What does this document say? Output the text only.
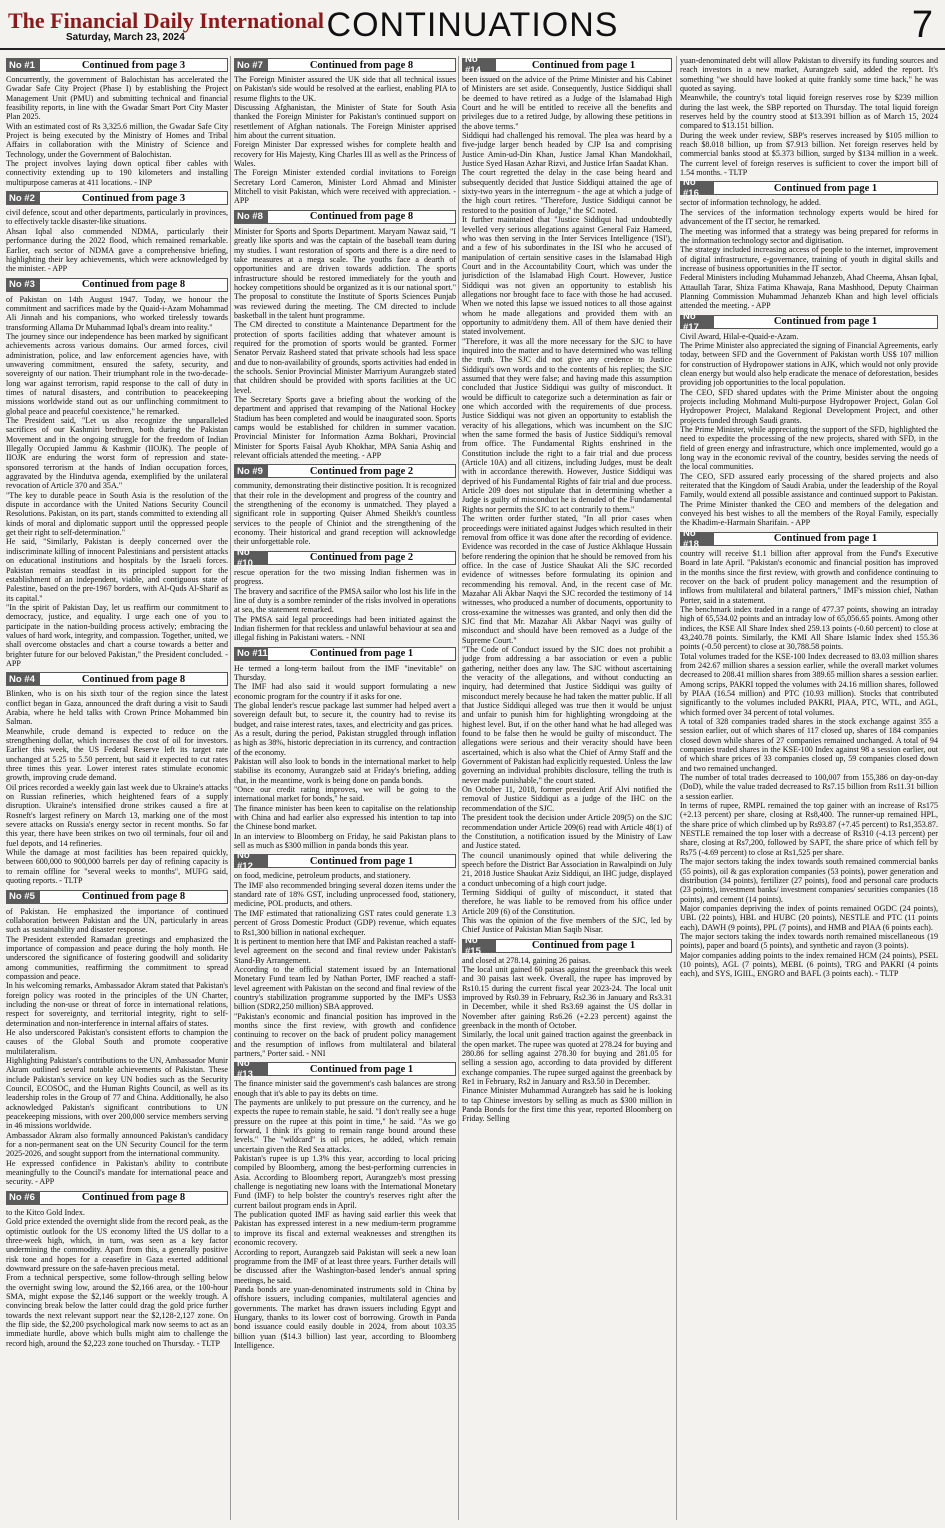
The Financial Daily International
Saturday, March 23, 2024	CONTINUATIONS	7
No #1	Continued from page 3
Concurrently, the government of Balochistan has accelerated the Gwadar Safe City Project (Phase I) by establishing the Project Management Unit (PMU) and submitting technical and financial feasibility reports, in line with the Gwadar Smart Port City Master Plan 2025.
With an estimated cost of Rs 3,325.6 million, the Gwadar Safe City Project is being executed by the Ministry of Homes and Tribal Affairs in collaboration with the Ministry of Science and Technology, under the Government of Balochistan.
The project involves laying down optical fiber cables with connectivity extending up to 190 kilometers and installing multipurpose cameras at 411 locations. - INP
No #2	Continued from page 3
civil defence, scout and other departments, particularly in provinces, to effectively tackle disaster-like situations.
Ahsan Iqbal also commended NDMA, particularly their performance during the 2022 flood, which remained remarkable. Earlier, each sector of NDMA gave a comprehensive briefing, highlighting their key achievements, which were acknowledged by the minister. - APP
No #3	Continued from page 8
of Pakistan on 14th August 1947. Today, we honour the commitment and sacrifices made by the Quaid-i-Azam Mohammad Ali Jinnah and his companions, who worked tirelessly towards transforming Allama Dr Muhammad Iqbal's dream into reality."
The journey since our independence has been marked by significant achievements across various domains. Our armed forces, civil administration, police, and law enforcement agencies have, with unwavering commitment, ensured the safety, security, and sovereignty of our nation. Their triumphant role in the two-decade-long war against terrorism, rapid response to the call of duty in times of natural disasters, and contribution to peacekeeping missions worldwide stand out as our unflinching commitment to global peace and peaceful coexistence," he remarked.
The President said, "Let us also recognize the unparalleled sacrifices of our Kashmiri brethren, both during the Pakistan Movement and in the ongoing struggle for the freedom of Indian Illegally Occupied Jammu & Kashmir (IIOJK). The people of IIOJK are enduring the worst form of repression and state-sponsored terrorism at the hands of Indian occupation forces, aggravated by the Hindutva agenda, exemplified by the unilateral revocation of Article 370 and 35A."
"The key to durable peace in South Asia is the resolution of the dispute in accordance with the United Nations Security Council Resolutions. Pakistan, on its part, stands committed to extending all kinds of moral and diplomatic support until the oppressed people get their right to self-determination."
He said, "Similarly, Pakistan is deeply concerned over the indiscriminate killing of innocent Palestinians and persistent attacks on educational institutions and hospitals by the Israeli forces. Pakistan remains steadfast in its principled support for the establishment of an independent, viable, and contiguous state of Palestine, based on the pre-1967 borders, with Al-Quds Al-Sharif as its capital."
"In the spirit of Pakistan Day, let us reaffirm our commitment to democracy, justice, and equality. I urge each one of you to participate in the nation-building process actively; embracing the values of hard work, integrity, and compassion. Together, united, we shall overcome obstacles and chart a course towards a better and brighter future for our beloved Pakistan," the President concluded. - APP
No #4	Continued from page 8
Blinken, who is on his sixth tour of the region since the latest conflict began in Gaza, announced the draft during a visit to Saudi Arabia, where he held talks with Crown Prince Mohammed bin Salman.
Meanwhile, crude demand is expected to reduce on the strengthening dollar, which increases the cost of oil for investors. Earlier this week, the US Federal Reserve left its target rate unchanged at 5.25 to 5.50 percent, but said it expected to cut rates three times this year. Lower interest rates stimulate economic growth, improving crude demand.
Oil prices recorded a weekly gain last week due to Ukraine's attacks on Russian refineries, which heightened fears of a supply disruption. Ukraine's intensified drone strikes caused a fire at Rosneft's largest refinery on March 13, marking one of the most severe attacks on Russia's energy sector in recent months. So far this year, there have been strikes on two oil terminals, four oil and fuel depots, and 14 refineries.
While the damage at most facilities has been repaired quickly, between 600,000 to 900,000 barrels per day of refining capacity is to remain offline for "several weeks to months", MUFG said, quoting reports. - TLTP
No #5	Continued from page 8
of Pakistan. He emphasized the importance of continued collaboration between Pakistan and the UN, particularly in areas such as sustainability and disaster response.
The President extended Ramadan greetings and emphasized the importance of compassion and peace during the holy month. He underscored the significance of fostering goodwill and solidarity among communities, reaffirming the commitment to spread compassion and peace.
In his welcoming remarks, Ambassador Akram stated that Pakistan's foreign policy was rooted in the principles of the UN Charter, including the non-use or threat of force in international relations, respect for sovereignty, and territorial integrity, right to self-determination and non-interference in internal affairs of states.
He also underscored Pakistan's consistent efforts to champion the causes of the Global South and promote cooperative multilateralism.
Highlighting Pakistan's contributions to the UN, Ambassador Munir Akram outlined several notable achievements of Pakistan. These include Pakistan's service on key UN bodies such as the Security Council, ECOSOC, and the Human Rights Council, as well as its leadership roles in the Group of 77 and China. Additionally, he also acknowledged Pakistan's significant contributions to UN peacekeeping missions, with over 200,000 service members serving in 46 missions worldwide.
Ambassador Akram also formally announced Pakistan's candidacy for a non-permanent seat on the UN Security Council for the term 2025-2026, and sought support from the international community.
He expressed confidence in Pakistan's ability to contribute meaningfully to the Council's mandate for international peace and security. - APP
No #6	Continued from page 8
to the Kitco Gold Index.
Gold price extended the overnight slide from the record peak, as the optimistic outlook for the US economy lifted the US dollar to a three-week high, which, in turn, was seen as a key factor undermining the commodity. Apart from this, a generally positive risk tone and hopes for a ceasefire in Gaza exerted additional downward pressure on the safe-haven precious metal.
From a technical perspective, some follow-through selling below the overnight swing low, around the $2,166 area, or the 100-hour SMA, might expose the $2,146 support or the weekly trough. A convincing break below the latter could drag the gold price further towards the next relevant support near the $2,128-2,127 zone. On the flip side, the $2,200 psychological mark now seems to act as an immediate hurdle, above which bulls might aim to challenge the record high, around the $2,223 zone touched on Thursday. - TLTP
No #7	Continued from page 8
The Foreign Minister assured the UK side that all technical issues on Pakistan's side would be resolved at the earliest, enabling PIA to resume flights to the UK.
Discussing Afghanistan, the Minister of State for South Asia thanked the Foreign Minister for Pakistan's continued support on resettlement of Afghan nationals. The Foreign Minister apprised him about the current situation.
Foreign Minister Dar expressed wishes for complete health and recovery for His Majesty, King Charles III as well as the Princess of Wales.
The Foreign Minister extended cordial invitations to Foreign Secretary Lord Cameron, Minister Lord Ahmad and Minister Mitchell to visit Pakistan, which were received with appreciation. - APP
No #8	Continued from page 8
Minister for Sports and Sports Department. Maryam Nawaz said, "I greatly like sports and was the captain of the baseball team during my studies. I want restoration of sports and there is a dire need to take measures at a mega scale. The youths face a dearth of opportunities and are driven towards addiction. The sports infrastructure should be restored immediately for the youth and hockey competitions should be organized as it is our national sport." The proposal to constitute the Institute of Sports Sciences Punjab was reviewed during the meeting. The CM directed to include basketball in the talent hunt programme.
The CM directed to constitute a Maintenance Department for the protection of sports facilities adding that whatever amount is required for the promotion of sports would be granted. Former Senator Pervaiz Rasheed stated that private schools had less space and due to non-availability of grounds, sports activities had ended in the schools. Senior Provincial Minister Marriyum Aurangzeb stated that children should be provided with sports facilities at the UC level.
The Secretary Sports gave a briefing about the working of the department and apprised that revamping of the National Hockey Stadium has been completed and would be inaugurated soon. Sports camps would be established for children in summer vacation. Provincial Minister for Information Azma Bokhari, Provincial Minister for Sports Faisal Ayub Khokhar, MPA Sania Ashiq and relevant officials attended the meeting. - APP
No #9	Continued from page 2
community, demonstrating their distinctive position. It is recognized that their role in the development and progress of the country and the strengthening of the economy is unmatched. They played a significant role in supporting Quiser Ahmed Sheikh's countless services to the people of Chiniot and the strengthening of the economy. Their historical and grand reception will acknowledge their unforgettable role.
No #10	Continued from page 2
rescue operation for the two missing Indian fishermen was in progress.
The bravery and sacrifice of the PMSA sailor who lost his life in the line of duty is a sombre reminder of the risks involved in operations at sea, the statement remarked.
The PMSA said legal proceedings had been initiated against the Indian fishermen for that reckless and unlawful behaviour at sea and illegal fishing in Pakistani waters. - NNI
No #11	Continued from page 1
He termed a long-term bailout from the IMF "inevitable" on Thursday.
The IMF had also said it would support formulating a new economic program for the country if it asks for one.
The global lender's rescue package last summer had helped avert a sovereign default but, to secure it, the country had to revise its budget, and raise interest rates, taxes, and electricity and gas prices.
As a result, during the period, Pakistan struggled through inflation as high as 38%, historic depreciation in its currency, and contraction of the economy.
Pakistan will also look to bonds in the international market to help stabilise its economy, Aurangzeb said at Friday's briefing, adding that, in the meantime, work is being done on panda bonds.
"Once our credit rating improves, we will be going to the international market for bonds," he said.
The finance minister has been keen to capitalise on the relationship with China and had earlier also expressed his intention to tap into the Chinese bond market.
In an interview to Bloomberg on Friday, he said Pakistan plans to sell as much as $300 million in panda bonds this year.
No #12	Continued from page 1
on food, medicine, petroleum products, and stationery.
The IMF also recommended bringing several dozen items under the standard rate of 18% GST, including unprocessed food, stationery, medicine, POL products, and others.
The IMF estimated that rationalizing GST rates could generate 1.3 percent of Gross Domestic Product (GDP) revenue, which equates to Rs1,300 billion in national exchequer.
It is pertinent to mention here that IMF and Pakistan reached a staff-level agreement on the second and final review under Pakistan's Stand-By Arrangement.
According to the official statement issued by an International Monetary Fund team led by Nathan Porter, IMF reached a staff-level agreement with Pakistan on the second and final review of the country's stabilization programme supported by the IMF's US$3 billion (SDR2,250 million) SBA approved.
"Pakistan's economic and financial position has improved in the months since the first review, with growth and confidence continuing to recover on the back of prudent policy management and the resumption of inflows from multilateral and bilateral partners," Porter said. - NNI
No #13	Continued from page 1
The finance minister said the government's cash balances are strong enough that it's able to pay its debts on time.
The payments are unlikely to put pressure on the currency, and he expects the rupee to remain stable, he said. "I don't really see a huge pressure on the rupee at this point in time," he said. "As we go forward, I think it's going to remain range bound around these levels." The "wildcard" is oil prices, he added, which remain uncertain given the Red Sea attacks.
Pakistan's rupee is up 1.3% this year, according to local pricing compiled by Bloomberg, among the best-performing currencies in Asia. According to Bloomberg report, Aurangzeb's most pressing challenge is negotiating new loans with the International Monetary Fund (IMF) to help bolster the country's reserves right after the current bailout program ends in April.
The publication quoted IMF as having said earlier this week that Pakistan has expressed interest in a new medium-term programme to improve its fiscal and external weaknesses and strengthen its economic recovery.
According to report, Aurangzeb said Pakistan will seek a new loan programme from the IMF of at least three years. Further details will be discussed after the Washington-based lender's annual spring meetings, he said.
Panda bonds are yuan-denominated instruments sold in China by offshore issuers, including companies, multilateral agencies and governments. The market has drawn issuers including Egypt and Hungary, thanks to its lower cost of borrowing. Growth in Panda bond issuance could easily double in 2024, from about 103.35 billion yuan ($14.3 billion) last year, according to Bloomberg Intelligence.
No #14	Continued from page 1
been issued on the advice of the Prime Minister and his Cabinet of Ministers are set aside. Consequently, Justice Siddiqui shall be deemed to have retired as a Judge of the Islamabad High Court and he will be entitled to receive all the benefits and privileges due to a retired Judge, by allowing these petitions in the above terms."
Siddiqui had challenged his removal. The plea was heard by a five-judge larger bench headed by CJP Isa and comprising Justice Amin-ud-Din Khan, Justice Jamal Khan Mandokhail, Justice Syed Hasan Azhar Rizvi, and Justice Irfan Saadat Khan.
The court regretted the delay in the case being heard and subsequently decided that Justice Siddiqui attained the age of sixty-two years in the interregnum - the age at which a judge of the high court retires. "Therefore, Justice Siddiqui cannot be restored to the position of Judge," the SC noted.
It further maintained that "Justice Siddiqui had undoubtedly levelled very serious allegations against General Faiz Hameed, who was then serving in the Inter Services Intelligence ('ISI'), and a few of his subordinates in the ISI who he accused of manipulation of certain sensitive cases in the Islamabad High Court and in the Accountability Court, which was under the jurisdiction of the Islamabad High Court. However, Justice Siddiqui was not given an opportunity to establish his allegations nor brought face to face with those he had accused. When we noted this lapse we issued notices to all those against whom he made allegations and provided them with an opportunity to admit/deny them. All of them have denied their stated involvement.
"Therefore, it was all the more necessary for the SJC to have inquired into the matter and to have determined who was telling the truth. The SJC did not give any credence to Justice Siddiqui's own words and to the contents of his replies; the SJC assumed that they were false; and having made this assumption concluded that Justice Siddiqui was guilty of misconduct. It would be difficult to categorize such a determination as fair or one which accorded with the requirements of due process. Justice Siddiqui was not given an opportunity to establish the veracity of his allegations, which was incumbent on the SJC when the same formed the basis of Justice Siddiqui's removal from office. The Fundamental Rights enshrined in the Constitution include the right to a fair trial and due process (Article 10A) and all citizens, including Judges, must be dealt with in accordance therewith. However, Justice Siddiqui was deprived of his Fundamental Rights of fair trial and due process. Article 209 does not stipulate that in determining whether a Judge is guilty of misconduct he is denuded of the Fundamental Rights nor permits the SJC to act contrarily to them."
The written order further stated, "In all prior cases when proceedings were initiated against Judges which resulted in their removal from office it was done after the recording of evidence. Evidence was recorded in the case of Justice Akhlaque Hussain before rendering the opinion that he should be removed from his office. In the case of Justice Shaukat Ali the SJC recorded evidence of witnesses before formulating its opinion and recommending his removal. And, in the recent case of Mr. Mazahar Ali Akbar Naqvi the SJC recorded the testimony of 14 witnesses, who produced a number of documents, opportunity to cross-examine the witnesses was granted, and only then did the SJC find that Mr. Mazahar Ali Akbar Naqvi was guilty of misconduct and should have been removed as a Judge of the Supreme Court."
"The Code of Conduct issued by the SJC does not prohibit a judge from addressing a bar association or even a public gathering, neither does any law. The SJC without ascertaining the veracity of the allegations, and without conducting an inquiry, had determined that Justice Siddiqui was guilty of misconduct merely because he had taken the matter public. If all that Justice Siddiqui alleged was true then it would be unjust and unfair to punish him for highlighting wrongdoing at the highest level. But, if on the other hand what he had alleged was found to be false then he would be guilty of misconduct. The allegations were serious and their veracity should have been ascertained, which is also what the Chief of Army Staff and the Government of Pakistan had explicitly requested. Unless the law governing an individual prohibits disclosure, telling the truth is never made punishable," the court stated.
On October 11, 2018, former president Arif Alvi notified the removal of Justice Siddiqui as a judge of the IHC on the recommendation of the SJC.
The president took the decision under Article 209(5) on the SJC recommendation under Article 209(6) read with Article 48(1) of the Constitution, a notification issued by the Ministry of Law and Justice stated.
The council unanimously opined that while delivering the speech before the District Bar Association in Rawalpindi on July 21, 2018 Justice Shaukat Aziz Siddiqui, an IHC judge, displayed a conduct unbecoming of a high court judge.
Terming Siddiqui of guilty of misconduct, it stated that therefore, he was liable to be removed from his office under Article 209 (6) of the Constitution.
This was the opinion of the five members of the SJC, led by Chief Justice of Pakistan Mian Saqib Nisar.
No #15	Continued from page 1
and closed at 278.14, gaining 26 paisas.
The local unit gained 60 paisas against the greenback this week and 30 paisas last week. Overall, the rupee has improved by Rs10.15 during the current fiscal year 2023-24. The local unit improved by Rs0.39 in February, Rs2.36 in January and Rs3.31 in December, while it shed Rs3.69 against the US dollar in November after gaining Rs6.26 (+2.23 percent) against the greenback in the month of October.
Similarly, the local unit gained traction against the greenback in the open market. The rupee was quoted at 278.24 for buying and 280.86 for selling against 278.30 for buying and 281.05 for selling a session ago, according to data provided by different exchange companies. The rupee surged against the greenback by Re1 in February, Rs2 in January and Rs3.50 in December.
Finance Minister Muhammad Aurangzeb has said he is looking to tap Chinese investors by selling as much as $300 million in Panda Bonds for the first time this year, reported Bloomberg on Friday. Selling
yuan-denominated debt will allow Pakistan to diversify its funding sources and reach investors in a new market, Aurangzeb said, added the report. It's something "we should have looked at quite frankly some time back," he was quoted as saying.
Meanwhile, the country's total liquid foreign reserves rose by $239 million during the last week, the SBP reported on Thursday. The total liquid foreign reserves held by the country stood at $13.391 billion as of March 15, 2024 compared to $13.151 billion.
During the week under review, SBP's reserves increased by $105 million to reach $8.018 billion, up from $7.913 billion. Net foreign reserves held by commercial banks stood at $5.373 billion, surged by $134 million in a week. The current level of foreign reserves is sufficient to cover the import bill of 1.54 months. - TLTP
No #16	Continued from page 1
sector of information technology, he added.
The services of the information technology experts would be hired for advancement of the IT sector, he remarked.
The meeting was informed that a strategy was being prepared for reforms in the information technology sector and digitisation.
The strategy included increasing access of people to the internet, improvement of digital infrastructure, e-governance, training of youth in digital skills and increase of business opportunities in the IT sector.
Federal Ministers including Muhammad Jehanzeb, Ahad Cheema, Ahsan Iqbal, Attaullah Tarar, Shiza Fatima Khawaja, Rana Mashhood, Deputy Chairman Planning Commission Muhammad Jehanzeb Khan and high level officials attended the meeting. - APP
No #17	Continued from page 1
Civil Award, Hilal-e-Quaid-e-Azam.
The Prime Minister also appreciated the signing of Financial Agreements, early today, between SFD and the Government of Pakistan worth US$ 107 million for construction of Hydropower stations in AJK, which would not only provide clean energy but would also help eradicate the menace of deforestation, besides providing job opportunities to the local population.
The CEO, SFD shared updates with the Prime Minister about the ongoing projects including Mohmand Multi-purpose Hydropower Project, Golan Gol Hydropower Project, Malakand Regional Development Project, and other projects funded through Saudi grants.
The Prime Minister, while appreciating the support of the SFD, highlighted the need to expedite the processing of the new projects, shared with SFD, in the field of green energy and infrastructure, which once implemented, would go a long way in the economic revival of the country, besides serving the needs of the local communities.
The CEO, SFD assured early processing of the shared projects and also reiterated that the Kingdom of Saudi Arabia, under the leadership of the Royal Family, would extend all possible assistance and continued support to Pakistan. The Prime Minister thanked the CEO and members of the delegation and conveyed his best wishes to all the members of the Royal Family, especially the Khadim-e-Harmain Sharifain. - APP
No #18	Continued from page 1
country will receive $1.1 billion after approval from the Fund's Executive Board in late April. "Pakistan's economic and financial position has improved in the months since the first review, with growth and confidence continuing to recover on the back of prudent policy management and the resumption of inflows from multilateral and bilateral partners," IMF's mission chief, Nathan Porter, said in a statement.
The benchmark index traded in a range of 477.37 points, showing an intraday high of 65,534.02 points and an intraday low of 65,056.65 points. Among other indices, the KSE All Share Index shed 259.13 points (-0.60 percent) to close at 43,240.78 points. Similarly, the KMI All Share Islamic Index shed 155.36 points (-0.50 percent) to close at 30,788.58 points.
Total volumes traded for the KSE-100 Index decreased to 83.03 million shares from 242.67 million shares a session earlier, while the overall market volumes decreased to 208.41 million shares from 389.65 million shares a session earlier. Among scrips, PAKRI topped the volumes with 24.16 million shares, followed by PIAA (16.54 million) and PTC (10.93 million). Stocks that contributed significantly to the volumes included PAKRI, PIAA, PTC, WTL, and AGL, which formed over 34 percent of total volumes.
A total of 328 companies traded shares in the stock exchange against 355 a session earlier, out of which shares of 117 closed up, shares of 184 companies closed down while shares of 27 companies remained unchanged. A total of 94 companies traded shares in the KSE-100 Index against 98 a session earlier, out of which share prices of 33 companies closed up, 59 companies closed down and two remained unchanged.
The number of total trades decreased to 100,007 from 155,386 on day-on-day (DoD), while the value traded decreased to Rs7.15 billion from Rs11.31 billion a session earlier.
In terms of rupee, RMPL remained the top gainer with an increase of Rs175 (+2.13 percent) per share, closing at Rs8,400. The runner-up remained HPL, the share price of which climbed up by Rs93.87 (+7.45 percent) to Rs1,353.87. NESTLE remained the top loser with a decrease of Rs310 (-4.13 percent) per share, closing at Rs7,200, followed by SAPT, the share price of which fell by Rs75 (-4.69 percent) to close at Rs1,525 per share.
The major sectors taking the index towards south remained commercial banks (55 points), oil & gas exploration companies (53 points), power generation and distribution (34 points), fertilizer (27 points), food and personal care products (23 points), investment banks/ investment companies/ securities companies (18 points), and cement (14 points).
Major companies depriving the index of points remained OGDC (24 points), UBL (22 points), HBL and HUBC (20 points), NESTLE and PTC (11 points each), DAWH (9 points), PPL (7 points), and HMB and PIAA (6 points each).
The major sectors taking the index towards north remained miscellaneous (19 points), paper and board (5 points), and synthetic and rayon (3 points).
Major companies adding points to the index remained HCM (24 points), PSEL (10 points), AGL (7 points), MEBL (6 points), TRG and PAKRI (4 points each), and SYS, IGIIL, ENGRO and BAFL (3 points each). - TLTP
